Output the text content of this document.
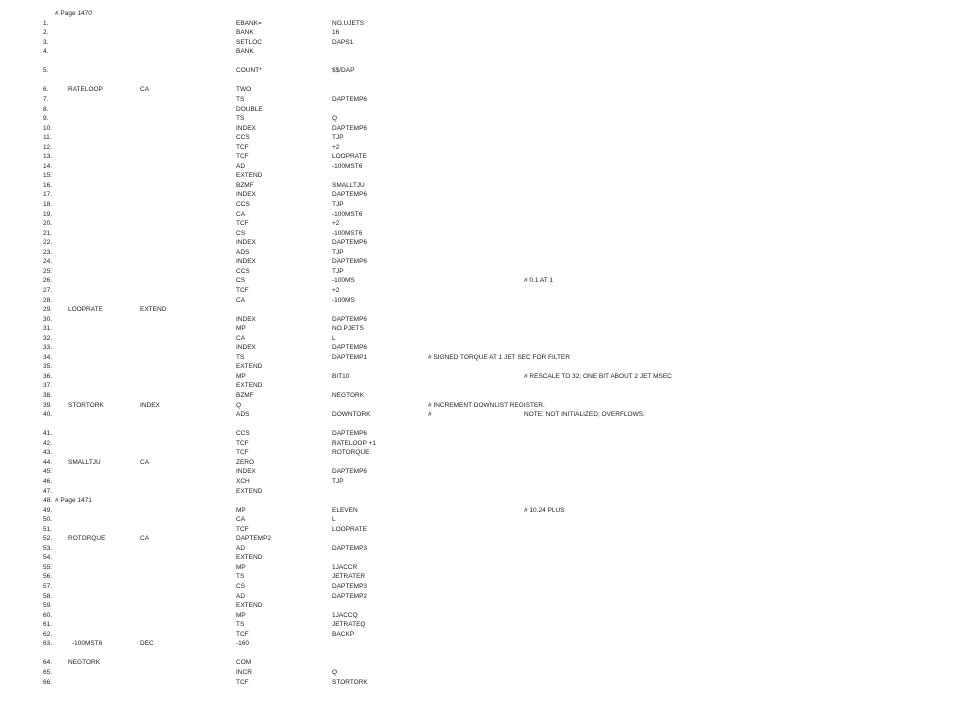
# Page 1470
1.	EBANK=	NO.UJETS
2.	BANK	16
3.	SETLOC	DAPS1
4.	BANK
5.	COUNT*	$$/DAP
6.	RATELOOP	CA	TWO
7.	TS	DAPTEMP6
8.	DOUBLE
9.	TS	Q
10.	INDEX	DAPTEMP6
11.	CCS	TJP
12.	TCF	+2
13.	TCF	LOOPRATE
14.	AD	-100MST6
15.	EXTEND
16.	BZMF	SMALLTJU
17.	INDEX	DAPTEMP6
18.	CCS	TJP
19.	CA	-100MST6
20.	TCF	+2
21.	CS	-100MST6
22.	INDEX	DAPTEMP6
23.	ADS	TJP
24.	INDEX	DAPTEMP6
25.	CCS	TJP
26.	CS	-100MS	# 0.1 AT 1
27.	TCF	+2
28.	CA	-100MS
29. LOOPRATE	EXTEND
30.	INDEX	DAPTEMP6
31.	MP	NO.PJETS
32.	CA	L
33.	INDEX	DAPTEMP6
34.	TS	DAPTEMP1	# SIGNED TORQUE AT 1 JET SEC FOR FILTER
35.	EXTEND
36.	MP	BIT10	# RESCALE TO 32; ONE BIT ABOUT 2 JET MSEC
37.	EXTEND
38.	BZMF	NEGTORK
39. STORTORK	INDEX	Q	# INCREMENT DOWNLIST REGISTER.
40.	ADS	DOWNTORK	#	NOTE: NOT INITIALIZED; OVERFLOWS.
41.	CCS	DAPTEMP6
42.	TCF	RATELOOP +1
43.	TCF	ROTORQUE
44. SMALLTJU	CA	ZERO
45.	INDEX	DAPTEMP6
46.	XCH	TJP
47.	EXTEND
48. # Page 1471
49.	MP	ELEVEN	# 10.24 PLUS
50.	CA	L
51.	TCF	LOOPRATE
52. ROTORQUE	CA	DAPTEMP2
53.	AD	DAPTEMP3
54.	EXTEND
55.	MP	1JACCR
56.	TS	JETRATER
57.	CS	DAPTEMP3
58.	AD	DAPTEMP2
59.	EXTEND
60.	MP	1JACCQ
61.	TS	JETRATEQ
62.	TCF	BACKP
63.	-100MST6	DEC	-160
64. NEGTORK	COM
65.	INCR	Q
66.	TCF	STORTORK
